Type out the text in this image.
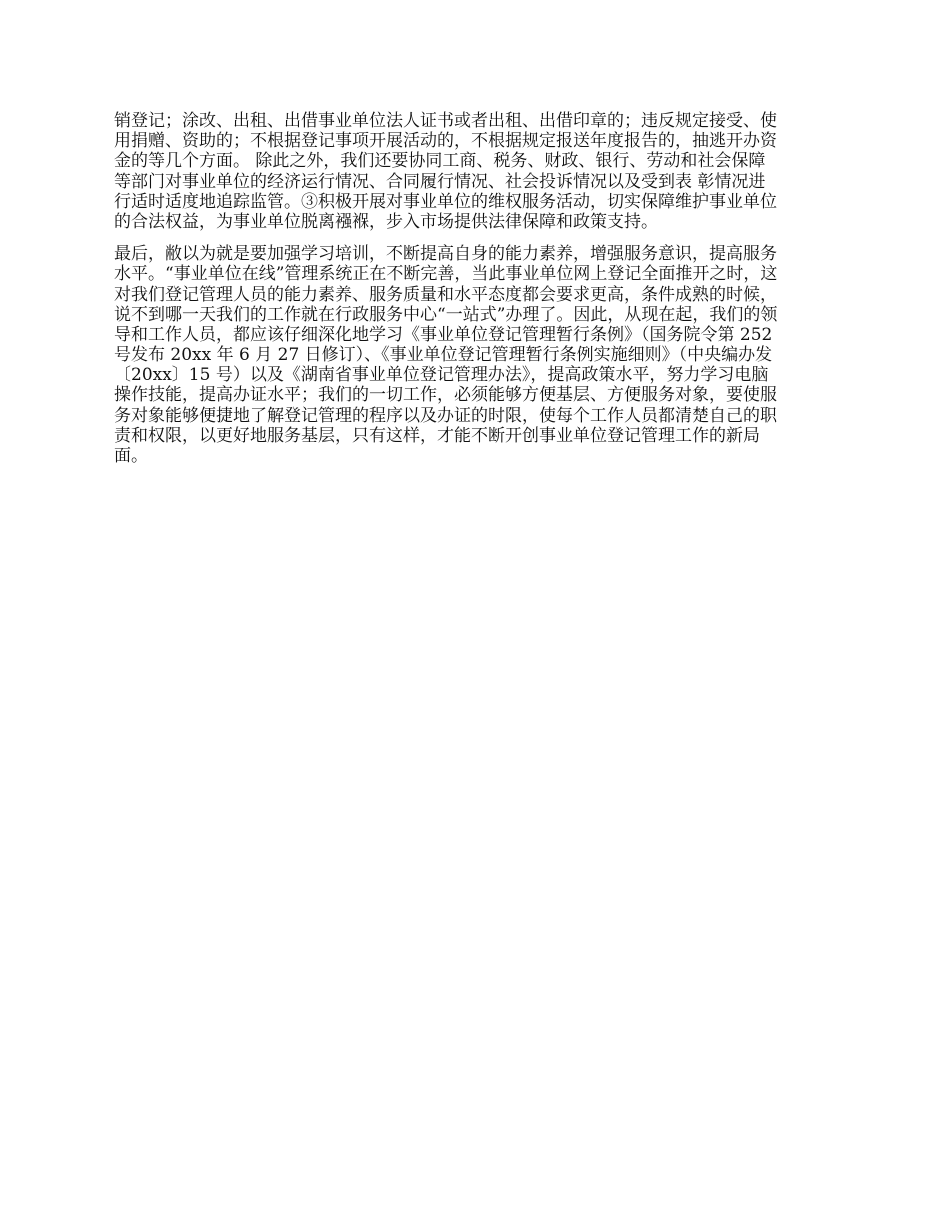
销登记；涂改、出租、出借事业单位法人证书或者出租、出借印章的；违反规定接受、使
用捐赠、资助的；不根据登记事项开展活动的，不根据规定报送年度报告的，抽逃开办资
金的等几个方面。 除此之外，我们还要协同工商、税务、财政、银行、劳动和社会保障
等部门对事业单位的经济运行情况、合同履行情况、社会投诉情况以及受到表 彰情况进
行适时适度地追踪监管。③积极开展对事业单位的维权服务活动，切实保障维护事业单位
的合法权益，为事业单位脱离襁褓，步入市场提供法律保障和政策支持。

最后，敝以为就是要加强学习培训，不断提高自身的能力素养，增强服务意识，提高服务
水平。“事业单位在线”管理系统正在不断完善，当此事业单位网上登记全面推开之时，这
对我们登记管理人员的能力素养、服务质量和水平态度都会要求更高，条件成熟的时候，
说不到哪一天我们的工作就在行政服务中心“一站式”办理了。因此，从现在起，我们的领
导和工作人员，都应该仔细深化地学习《事业单位登记管理暂行条例》（国务院令第 252
号发布 20xx 年 6 月 27 日修订）、《事业单位登记管理暂行条例实施细则》（中央编办发
〔20xx〕15 号）以及《湖南省事业单位登记管理办法》，提高政策水平，努力学习电脑
操作技能，提高办证水平；我们的一切工作，必须能够方便基层、方便服务对象，要使服
务对象能够便捷地了解登记管理的程序以及办证的时限，使每个工作人员都清楚自己的职
责和权限，以更好地服务基层，只有这样，才能不断开创事业单位登记管理工作的新局
面。
